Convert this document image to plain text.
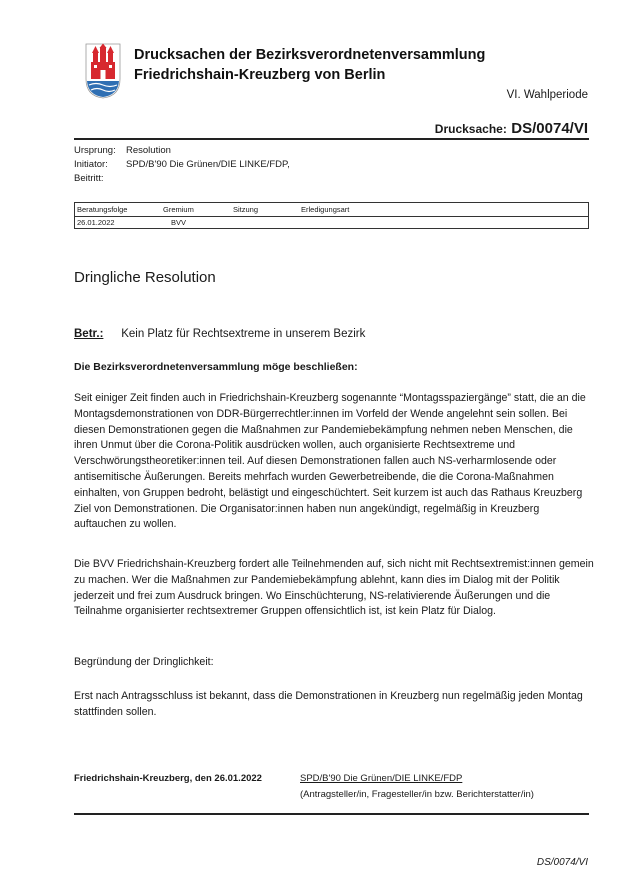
Drucksachen der Bezirksverordnetenversammlung
Friedrichshain-Kreuzberg von Berlin
VI. Wahlperiode
Drucksache: DS/0074/VI
Ursprung:	Resolution
Initiator:	SPD/B'90 Die Grünen/DIE LINKE/FDP,
Beitritt:
Beratungsfolge	Gremium	Sitzung	Erledigungsart
26.01.2022	BVV
Dringliche Resolution
Betr.: Kein Platz für Rechtsextreme in unserem Bezirk
Die Bezirksverordnetenversammlung möge beschließen:
Seit einiger Zeit finden auch in Friedrichshain-Kreuzberg sogenannte “Montagsspaziergänge” statt, die an die Montagsdemonstrationen von DDR-Bürgerrechtler:innen im Vorfeld der Wende angelehnt sein sollen. Bei diesen Demonstrationen gegen die Maßnahmen zur Pandemiebekämpfung nehmen neben Menschen, die ihren Unmut über die Corona-Politik ausdrücken wollen, auch organisierte Rechtsextreme und Verschwörungstheoretiker:innen teil. Auf diesen Demonstrationen fallen auch NS-verharmlosende oder antisemitische Äußerungen. Bereits mehrfach wurden Gewerbetreibende, die die Corona-Maßnahmen einhalten, von Gruppen bedroht, belästigt und eingeschüchtert. Seit kurzem ist auch das Rathaus Kreuzberg Ziel von Demonstrationen. Die Organisator:innen haben nun angekündigt, regelmäßig in Kreuzberg auftauchen zu wollen.
Die BVV Friedrichshain-Kreuzberg fordert alle Teilnehmenden auf, sich nicht mit Rechtsextremist:innen gemein zu machen. Wer die Maßnahmen zur Pandemiebekämpfung ablehnt, kann dies im Dialog mit der Politik jederzeit und frei zum Ausdruck bringen. Wo Einschüchterung, NS-relativierende Äußerungen und die Teilnahme organisierter rechtsextremer Gruppen offensichtlich ist, ist kein Platz für Dialog.
Begründung der Dringlichkeit:
Erst nach Antragsschluss ist bekannt, dass die Demonstrationen in Kreuzberg nun regelmäßig jeden Montag stattfinden sollen.
Friedrichshain-Kreuzberg, den 26.01.2022	SPD/B'90 Die Grünen/DIE LINKE/FDP
(Antragsteller/in, Fragesteller/in bzw. Berichterstatter/in)
DS/0074/VI
